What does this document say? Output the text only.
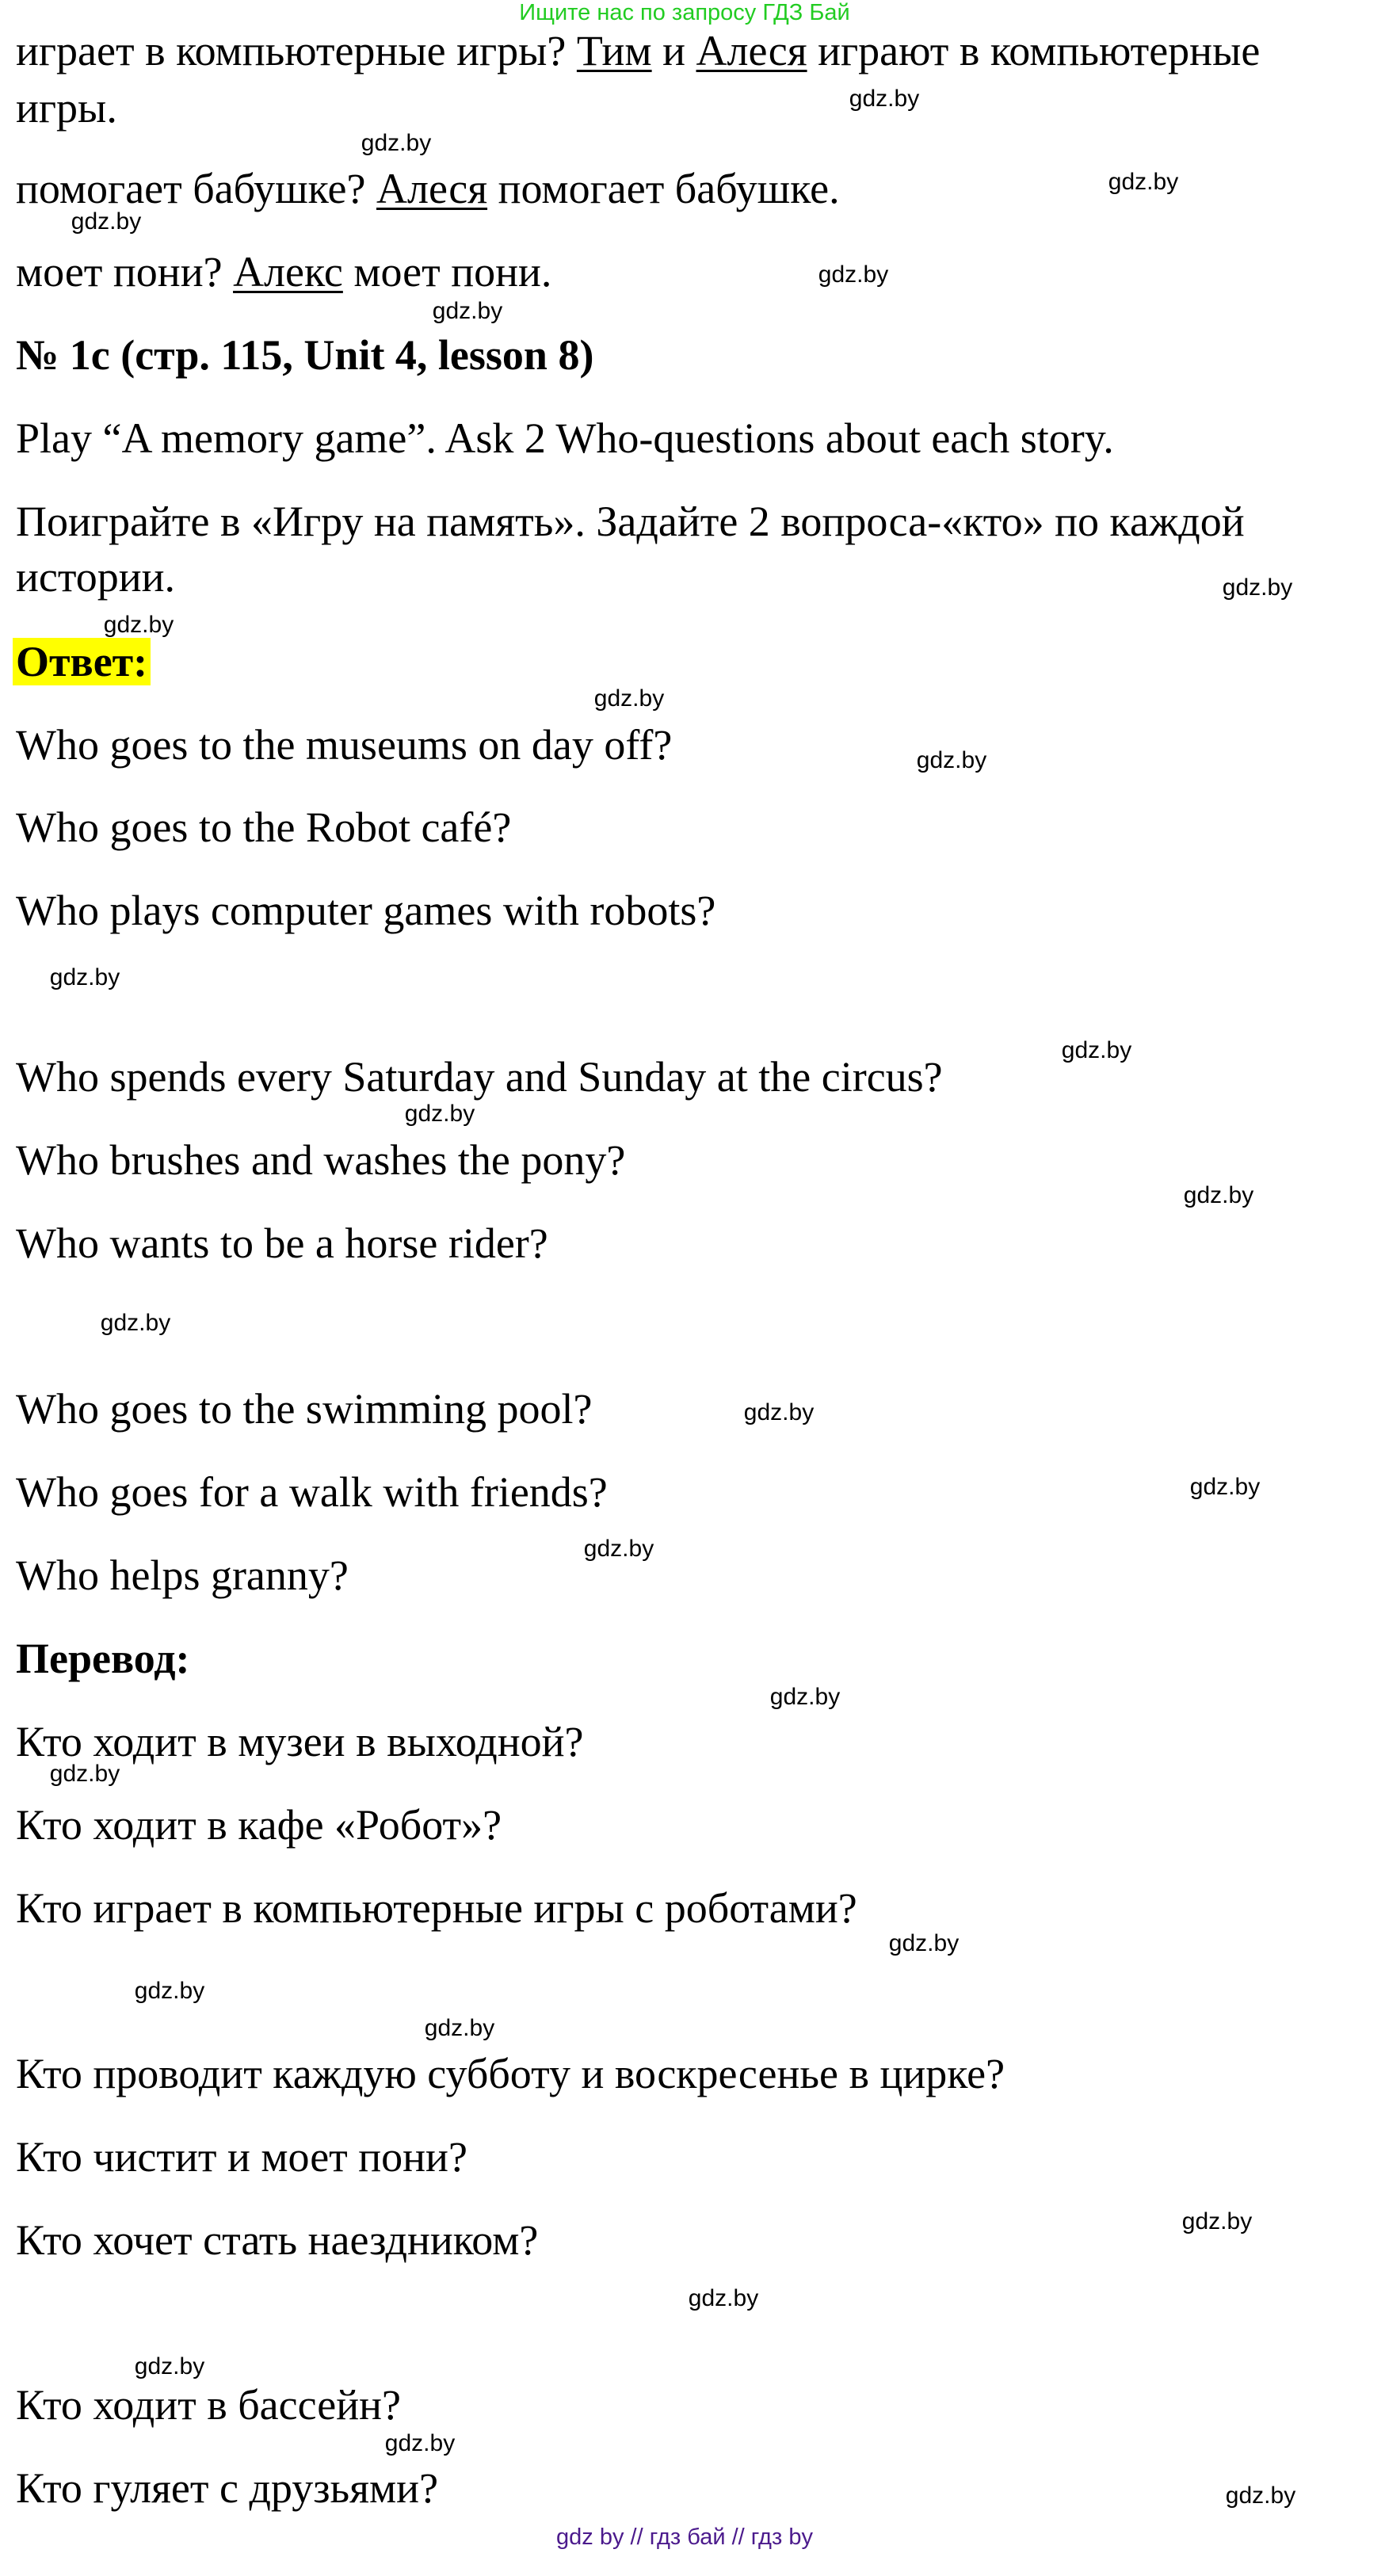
Ищите нас по запросу ГДЗ Бай
играет в компьютерные игры? Тим и Алеся играют в компьютерные
игры.
помогает бабушке? Алеся помогает бабушке.
моет пони? Алекс моет пони.
№ 1c (стр. 115, Unit 4, lesson 8)
Play “A memory game”. Ask 2 Who-questions about each story.
Поиграйте в «Игру на память». Задайте 2 вопроса-«кто» по каждой
истории.
Ответ:
Who goes to the museums on day off?
Who goes to the Robot café?
Who plays computer games with robots?
Who spends every Saturday and Sunday at the circus?
Who brushes and washes the pony?
Who wants to be a horse rider?
Who goes to the swimming pool?
Who goes for a walk with friends?
Who helps granny?
Перевод:
Кто ходит в музеи в выходной?
Кто ходит в кафе «Робот»?
Кто играет в компьютерные игры с роботами?
Кто проводит каждую субботу и воскресенье в цирке?
Кто чистит и моет пони?
Кто хочет стать наездником?
Кто ходит в бассейн?
Кто гуляет с друзьями?
gdz.by
gdz.by
gdz.by
gdz.by
gdz.by
gdz.by
gdz.by
gdz.by
gdz.by
gdz.by
gdz.by
gdz.by
gdz.by
gdz.by
gdz.by
gdz.by
gdz.by
gdz.by
gdz.by
gdz.by
gdz.by
gdz.by
gdz.by
gdz.by
gdz.by
gdz.by
gdz.by
gdz.by
gdz by // гдз бай // гдз by
